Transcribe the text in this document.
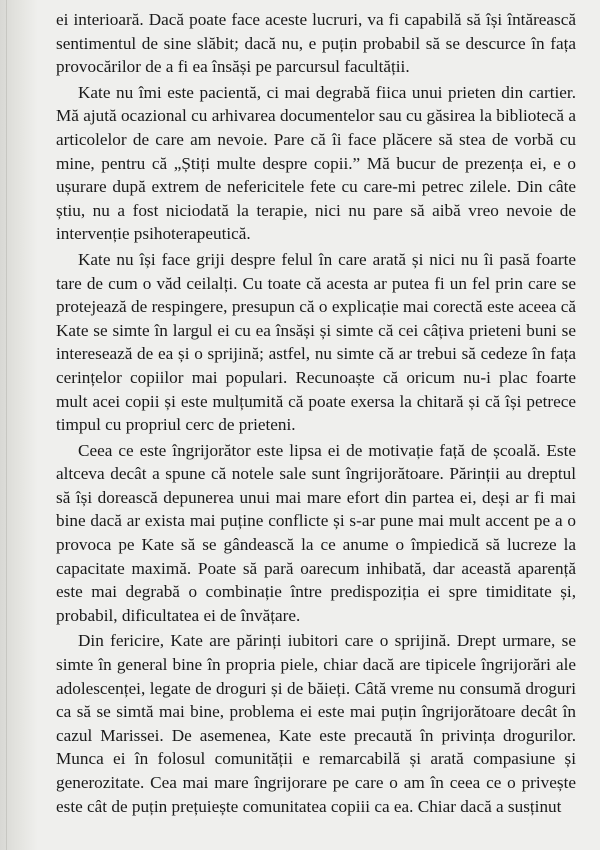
ei interioară. Dacă poate face aceste lucruri, va fi capabilă să își întărească sentimentul de sine slăbit; dacă nu, e puțin probabil să se descurce în fața provocărilor de a fi ea însăși pe parcursul facultății.

Kate nu îmi este pacientă, ci mai degrabă fiica unui prieten din cartier. Mă ajută ocazional cu arhivarea documentelor sau cu găsirea la bibliotecă a articolelor de care am nevoie. Pare că îi face plăcere să stea de vorbă cu mine, pentru că „Știți multe despre copii.” Mă bucur de prezența ei, e o ușurare după extrem de nefericitele fete cu care-mi petrec zilele. Din câte știu, nu a fost niciodată la terapie, nici nu pare să aibă vreo nevoie de intervenție psihoterapeutică.

Kate nu își face griji despre felul în care arată și nici nu îi pasă foarte tare de cum o văd ceilalți. Cu toate că acesta ar putea fi un fel prin care se protejează de respingere, presupun că o explicație mai corectă este aceea că Kate se simte în largul ei cu ea însăși și simte că cei câțiva prieteni buni se interesează de ea și o sprijină; astfel, nu simte că ar trebui să cedeze în fața cerințelor copiilor mai populari. Recunoaște că oricum nu-i plac foarte mult acei copii și este mulțumită că poate exersa la chitară și că își petrece timpul cu propriul cerc de prieteni.

Ceea ce este îngrijorător este lipsa ei de motivație față de școală. Este altceva decât a spune că notele sale sunt îngrijorătoare. Părinții au dreptul să își dorească depunerea unui mai mare efort din partea ei, deși ar fi mai bine dacă ar exista mai puține conflicte și s-ar pune mai mult accent pe a o provoca pe Kate să se gândească la ce anume o împiedică să lucreze la capacitate maximă. Poate să pară oarecum inhibată, dar această aparență este mai degrabă o combinație între predispoziția ei spre timiditate și, probabil, dificultatea ei de învățare.

Din fericire, Kate are părinți iubitori care o sprijină. Drept urmare, se simte în general bine în propria piele, chiar dacă are tipicele îngrijorări ale adolescenței, legate de droguri și de băieți. Câtă vreme nu consumă droguri ca să se simtă mai bine, problema ei este mai puțin îngrijorătoare decât în cazul Marissei. De asemenea, Kate este precaută în privința drogurilor. Munca ei în folosul comunității e remarcabilă și arată compasiune și generozitate. Cea mai mare îngrijorare pe care o am în ceea ce o privește este cât de puțin prețuiește comunitatea copiii ca ea. Chiar dacă a susținut
